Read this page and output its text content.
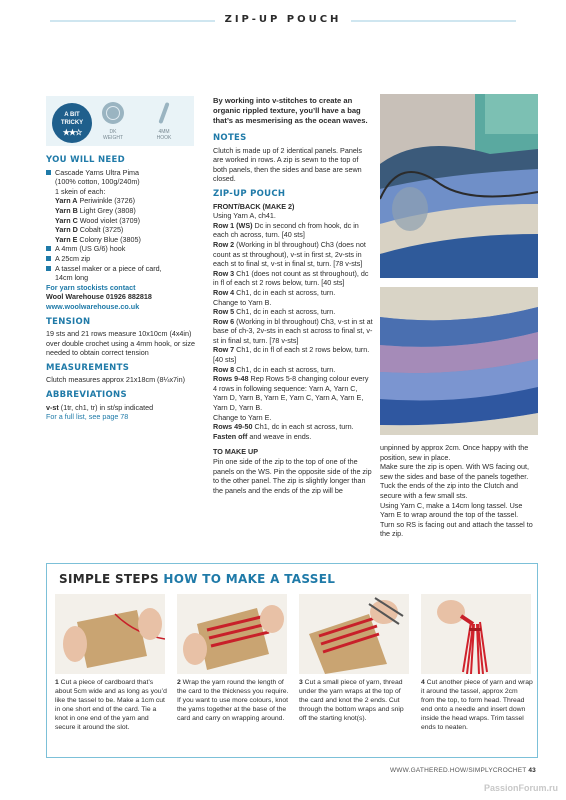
ZIP-UP POUCH
A BIT
TRICKY
★★☆	DK
WEIGHT
4MM
HOOK
YOU WILL NEED
Cascade Yarns Ultra Pima
(100% cotton, 100g/240m)
1 skein of each:
Yarn A Periwinkle (3726)
Yarn B Light Grey (3808)
Yarn C Wood violet (3709)
Yarn D Cobalt (3725)
Yarn E Colony Blue (3805)
A 4mm (US G/6) hook
A 25cm zip
A tassel maker or a piece of card,
14cm long
For yarn stockists contact
Wool Warehouse 01926 882818
www.woolwarehouse.co.uk
TENSION

19 sts and 21 rows measure 10x10cm (4x4in) over double crochet using a 4mm hook, or size needed to obtain correct tension

MEASUREMENTS

Clutch measures approx 21x18cm (8¼x7in)

ABBREVIATIONS

v-st (1tr, ch1, tr) in st/sp indicated

For a full list, see page 78

By working into v-stitches to create an organic rippled texture, you’ll have a bag that’s as mesmerising as the ocean waves.

NOTES

Clutch is made up of 2 identical panels. Panels are worked in rows. A zip is sewn to the top of both panels, then the sides and base are sewn closed.

ZIP-UP POUCH
FRONT/BACK (MAKE 2)

Using Yarn A, ch41.

Row 1 (WS) Dc in second ch from hook, dc in each ch across, turn. [40 sts]

Row 2 (Working in bl throughout) Ch3 (does not count as st throughout), v-st in first st, 2v-sts in each st to final st, v-st in final st, turn. [78 v-sts]

Row 3 Ch1 (does not count as st throughout), dc in fl of each st 2 rows below, turn. [40 sts]

Row 4 Ch1, dc in each st across, turn.

Change to Yarn B.

Row 5 Ch1, dc in each st across, turn.

Row 6 (Working in bl throughout) Ch3, v-st in st at base of ch-3, 2v-sts in each st across to final st, v-st in final st, turn. [78 v-sts]

Row 7 Ch1, dc in fl of each st 2 rows below, turn. [40 sts]

Row 8 Ch1, dc in each st across, turn.

Rows 9-48 Rep Rows 5-8 changing colour every 4 rows in following sequence: Yarn A, Yarn C, Yarn D, Yarn B, Yarn E, Yarn C, Yarn A, Yarn E, Yarn D, Yarn B.

Change to Yarn E.

Rows 49-50 Ch1, dc in each st across, turn.

Fasten off and weave in ends.

TO MAKE UP

Pin one side of the zip to the top of one of the panels on the WS. Pin the opposite side of the zip to the other panel. The zip is slightly longer than the panels and the ends of the zip will be

unpinned by approx 2cm. Once happy with the position, sew in place.

Make sure the zip is open. With WS facing out, sew the sides and base of the panels together. Tuck the ends of the zip into the Clutch and secure with a few small sts.

Using Yarn C, make a 14cm long tassel. Use Yarn E to wrap around the top of the tassel.

Turn so RS is facing out and attach the tassel to the zip.

SIMPLE STEPS HOW TO MAKE A TASSEL
1 Cut a piece of cardboard that’s about 5cm wide and as long as you’d like the tassel to be. Make a 1cm cut in one short end of the card. Tie a knot in one end of the yarn and secure it around the slot.
2 Wrap the yarn round the length of the card to the thickness you require. If you want to use more colours, knot the yarns together at the base of the card and carry on wrapping around.
3 Cut a small piece of yarn, thread under the yarn wraps at the top of the card and knot the 2 ends. Cut through the bottom wraps and snip off the starting knot(s).
4 Cut another piece of yarn and wrap it around the tassel, approx 2cm from the top, to form head. Thread end onto a needle and insert down inside the head wraps. Trim tassel ends to neaten.
WWW.GATHERED.HOW/SIMPLYCROCHET 43
PassionForum.ru
